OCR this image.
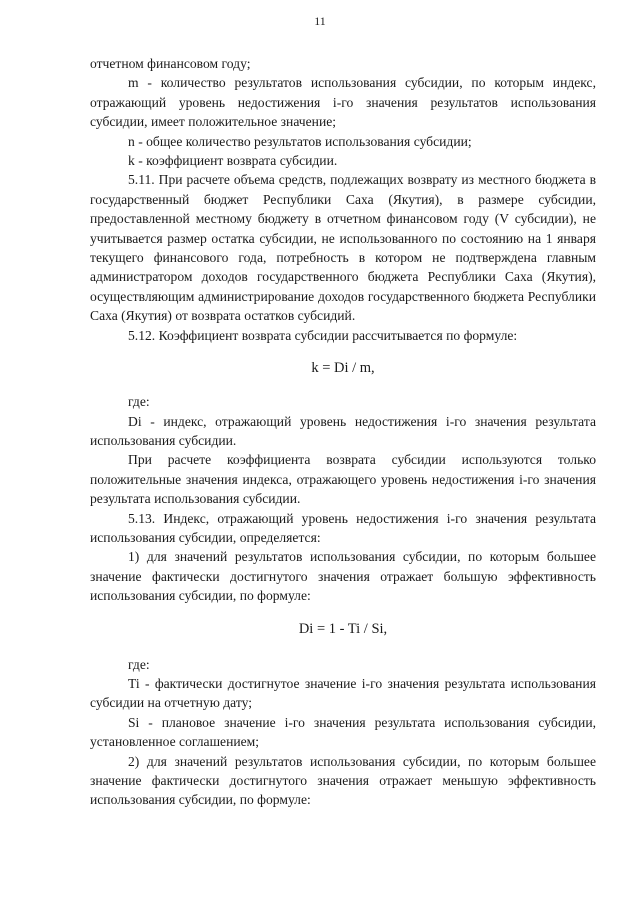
11

отчетном финансовом году;

m - количество результатов использования субсидии, по которым индекс, отражающий уровень недостижения i-го значения результатов использования субсидии, имеет положительное значение;

n - общее количество результатов использования субсидии;

k - коэффициент возврата субсидии.

5.11. При расчете объема средств, подлежащих возврату из местного бюджета в государственный бюджет Республики Саха (Якутия), в размере субсидии, предоставленной местному бюджету в отчетном финансовом году (V субсидии), не учитывается размер остатка субсидии, не использованного по состоянию на 1 января текущего финансового года, потребность в котором не подтверждена главным администратором доходов государственного бюджета Республики Саха (Якутия), осуществляющим администрирование доходов государственного бюджета Республики Саха (Якутия) от возврата остатков субсидий.

5.12. Коэффициент возврата субсидии рассчитывается по формуле:

k = Di / m,

где:

Di - индекс, отражающий уровень недостижения i-го значения результата использования субсидии.

При расчете коэффициента возврата субсидии используются только положительные значения индекса, отражающего уровень недостижения i-го значения результата использования субсидии.

5.13. Индекс, отражающий уровень недостижения i-го значения результата использования субсидии, определяется:

1) для значений результатов использования субсидии, по которым большее значение фактически достигнутого значения отражает большую эффективность использования субсидии, по формуле:

Di = 1 - Ti / Si,

где:

Ti - фактически достигнутое значение i-го значения результата использования субсидии на отчетную дату;

Si - плановое значение i-го значения результата использования субсидии, установленное соглашением;

2) для значений результатов использования субсидии, по которым большее значение фактически достигнутого значения отражает меньшую эффективность использования субсидии, по формуле:
